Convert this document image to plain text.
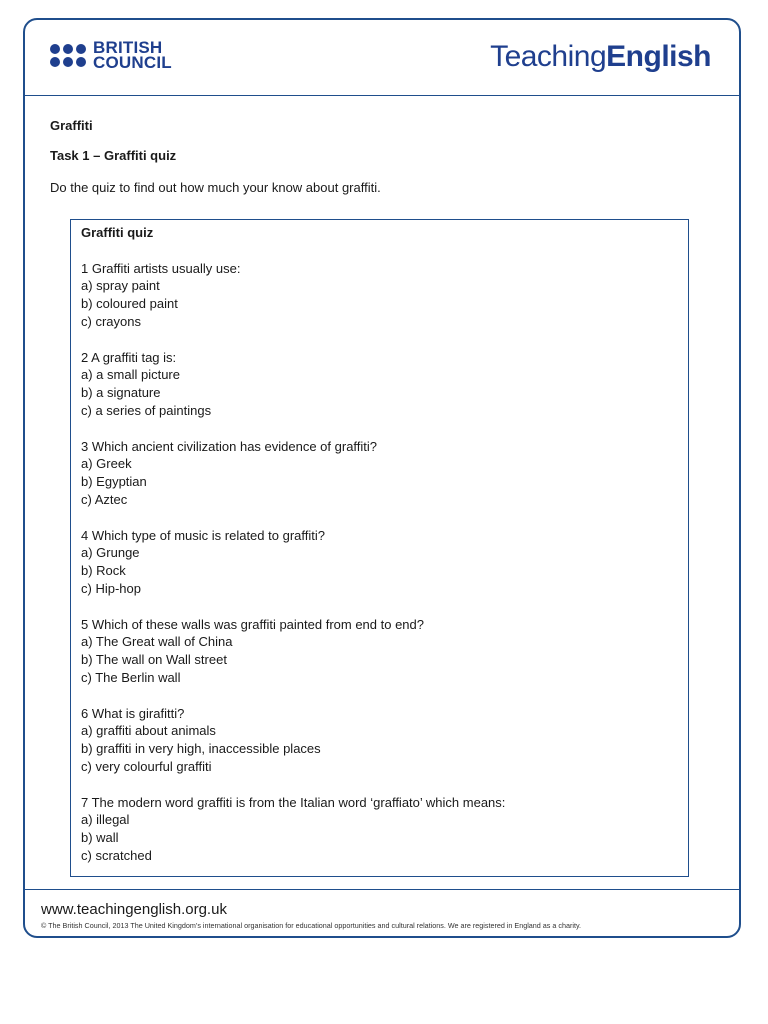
BRITISH
COUNCIL	TeachingEnglish
Graffiti
Task 1 – Graffiti quiz
Do the quiz to find out how much your know about graffiti.
Graffiti quiz
1 Graffiti artists usually use:
a) spray paint
b) coloured paint
c) crayons
2 A graffiti tag is:
a) a small picture
b) a signature
c) a series of paintings
3 Which ancient civilization has evidence of graffiti?
a) Greek
b) Egyptian
c) Aztec
4 Which type of music is related to graffiti?
a) Grunge
b) Rock
c) Hip-hop
5 Which of these walls was graffiti painted from end to end?
a) The Great wall of China
b) The wall on Wall street
c) The Berlin wall
6 What is girafitti?
a) graffiti about animals
b) graffiti in very high, inaccessible places
c) very colourful graffiti
7 The modern word graffiti is from the Italian word ‘graffiato’ which means:
a) illegal
b) wall
c) scratched
www.teachingenglish.org.uk
© The British Council, 2013 The United Kingdom’s international organisation for educational opportunities and cultural relations. We are registered in England as a charity.
